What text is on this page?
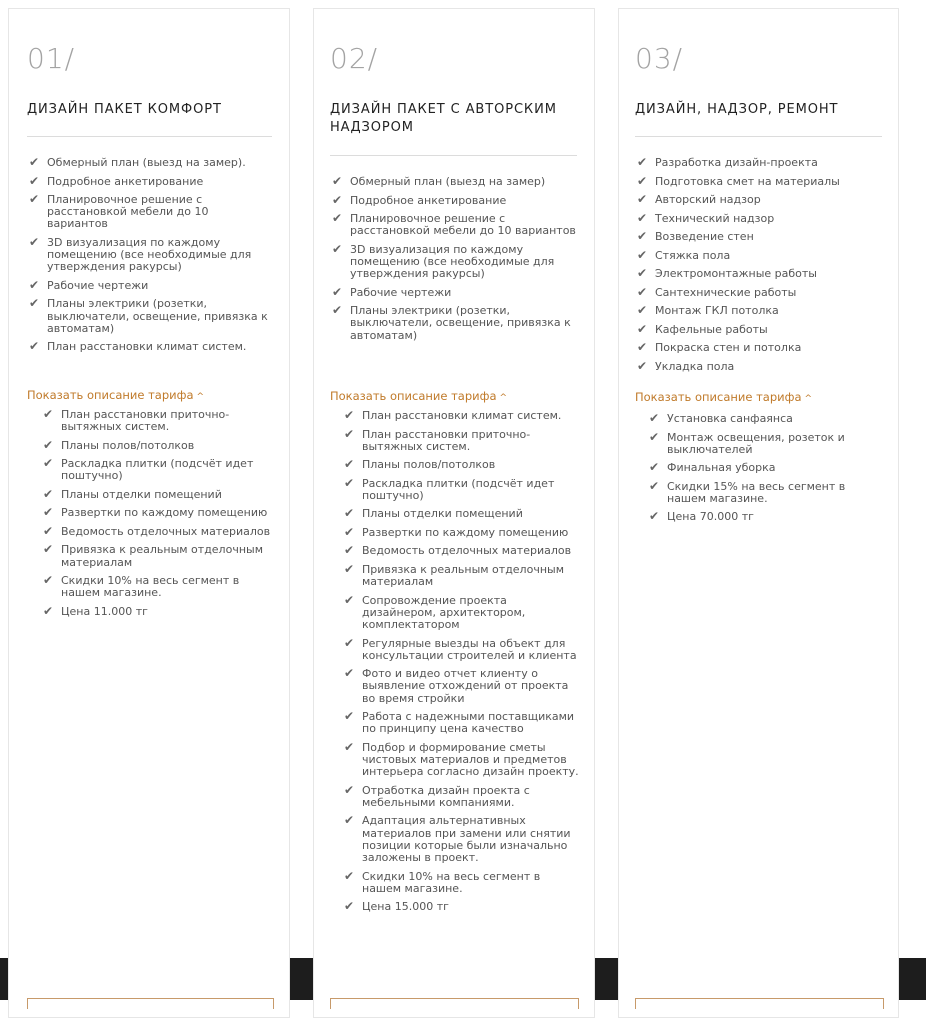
01/
ДИЗАЙН ПАКЕТ КОМФОРТ
✔ Обмерный план (выезд на замер).
✔ Подробное анкетирование
✔ Планировочное решение с расстановкой мебели до 10 вариантов
✔ 3D визуализация по каждому помещению (все необходимые для утверждения ракурсы)
✔ Рабочие чертежи
✔ Планы электрики (розетки, выключатели, освещение, привязка к автоматам)
✔ План расстановки климат систем.
Показать описание тарифа ^
✔ План расстановки приточно-вытяжных систем.
✔ Планы полов/потолков
✔ Раскладка плитки (подсчёт идет поштучно)
✔ Планы отделки помещений
✔ Развертки по каждому помещению
✔ Ведомость отделочных материалов
✔ Привязка к реальным отделочным материалам
✔ Скидки 10% на весь сегмент в нашем магазине.
✔ Цена 11.000 тг
02/
ДИЗАЙН ПАКЕТ С АВТОРСКИМ НАДЗОРОМ
✔ Обмерный план (выезд на замер)
✔ Подробное анкетирование
✔ Планировочное решение с расстановкой мебели до 10 вариантов
✔ 3D визуализация по каждому помещению (все необходимые для утверждения ракурсы)
✔ Рабочие чертежи
✔ Планы электрики (розетки, выключатели, освещение, привязка к автоматам)
Показать описание тарифа ^
✔ План расстановки климат систем.
✔ План расстановки приточно-вытяжных систем.
✔ Планы полов/потолков
✔ Раскладка плитки (подсчёт идет поштучно)
✔ Планы отделки помещений
✔ Развертки по каждому помещению
✔ Ведомость отделочных материалов
✔ Привязка к реальным отделочным материалам
✔ Сопровождение проекта дизайнером, архитектором, комплектатором
✔ Регулярные выезды на объект для консультации строителей и клиента
✔ Фото и видео отчет клиенту о выявление отхождений от проекта во время стройки
✔ Работа с надежными поставщиками по принципу цена качество
✔ Подбор и формирование сметы чистовых материалов и предметов интерьера согласно дизайн проекту.
✔ Отработка дизайн проекта с мебельными компаниями.
✔ Адаптация альтернативных материалов при замени или снятии позиции которые были изначально заложены в проект.
✔ Скидки 10% на весь сегмент в нашем магазине.
✔ Цена 15.000 тг
03/
ДИЗАЙН, НАДЗОР, РЕМОНТ
✔ Разработка дизайн-проекта
✔ Подготовка смет на материалы
✔ Авторский надзор
✔ Технический надзор
✔ Возведение стен
✔ Стяжка пола
✔ Электромонтажные работы
✔ Сантехнические работы
✔ Монтаж ГКЛ потолка
✔ Кафельные работы
✔ Покраска стен и потолка
✔ Укладка пола
Показать описание тарифа ^
✔ Установка санфаянса
✔ Монтаж освещения, розеток и выключателей
✔ Финальная уборка
✔ Скидки 15% на весь сегмент в нашем магазине.
✔ Цена 70.000 тг
